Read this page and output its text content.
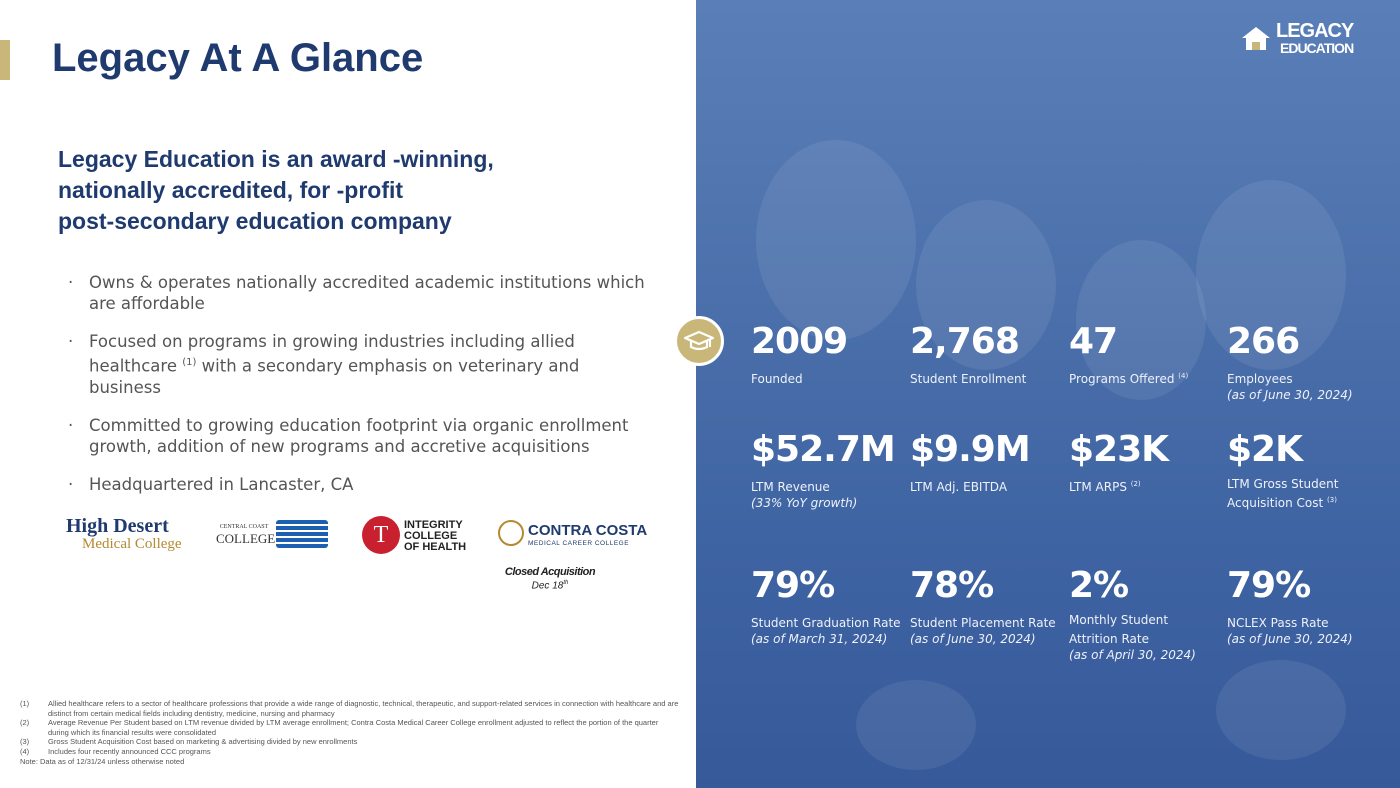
Legacy At A Glance
Legacy Education is an award -winning,
nationally accredited, for -profit
post-secondary education company
· Owns & operates nationally accredited academic institutions which are affordable
· Focused on programs in growing industries including allied healthcare $^{(1)}$ with a secondary emphasis on veterinary and business
· Committed to growing education footprint via organic enrollment growth, addition of new programs and accretive acquisitions
· Headquartered in Lancaster, CA
High Desert
Medical College
CENTRAL COAST
COLLEGE	T	INTEGRITY
COLLEGE
OF HEALTH
CONTRA COSTA
MEDICAL CAREER COLLEGE
Closed Acquisition
Dec 18th
(1)	Allied healthcare refers to a sector of healthcare professions that provide a wide range of diagnostic, technical, therapeutic, and support-related services in connection with healthcare and are distinct from certain medical fields including dentistry, medicine, nursing and pharmacy
(2)	Average Revenue Per Student based on LTM revenue divided by LTM average enrollment; Contra Costa Medical Career College enrollment adjusted to reflect the portion of the quarter during which its financial results were consolidated
(3)	Gross Student Acquisition Cost based on marketing & advertising divided by new enrollments
(4)	Includes four recently announced CCC programs
Note: Data as of 12/31/24 unless otherwise noted
LEGACY
EDUCATION
2009
Founded
2,768
Student Enrollment
47
Programs Offered $^{(4)}$
266
Employees
(as of June 30, 2024)
$52.7M
LTM Revenue
(33% YoY growth)
$9.9M
LTM Adj. EBITDA
$23K
LTM ARPS $^{(2)}$
$2K
LTM Gross Student Acquisition Cost $^{(3)}$
79%
Student Graduation Rate
(as of March 31, 2024)
78%
Student Placement Rate
(as of June 30, 2024)
2%
Monthly Student Attrition Rate
(as of April 30, 2024)
79%
NCLEX Pass Rate
(as of June 30, 2024)
